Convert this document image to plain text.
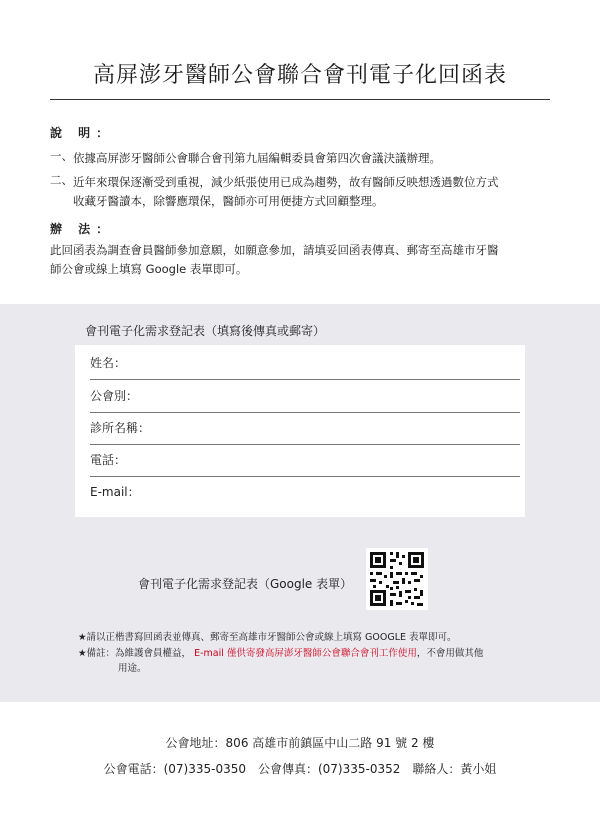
高屏澎牙醫師公會聯合會刊電子化回函表
說 明：
一、 依據高屏澎牙醫師公會聯合會刊第九屆編輯委員會第四次會議決議辦理。
二、 近年來環保逐漸受到重視，減少紙張使用已成為趨勢，故有醫師反映想透過數位方式
收藏牙醫讀本，除響應環保，醫師亦可用便捷方式回顧整理。
辦 法：
此回函表為調查會員醫師參加意願，如願意參加，請填妥回函表傳真、郵寄至高雄市牙醫
師公會或線上填寫 Google 表單即可。
會刊電子化需求登記表（填寫後傳真或郵寄）
姓名：
公會別：
診所名稱：
電話：
E-mail：
會刊電子化需求登記表（Google 表單）
★請以正楷書寫回函表並傳真、郵寄至高雄市牙醫師公會或線上填寫 GOOGLE 表單即可。
★備註：為維護會員權益， E-mail 僅供寄發高屏澎牙醫師公會聯合會刊工作使用，不會用做其他
用途。
公會地址：806 高雄市前鎮區中山二路 91 號 2 樓
公會電話：(07)335-0350　公會傳真：(07)335-0352　聯絡人：黃小姐
